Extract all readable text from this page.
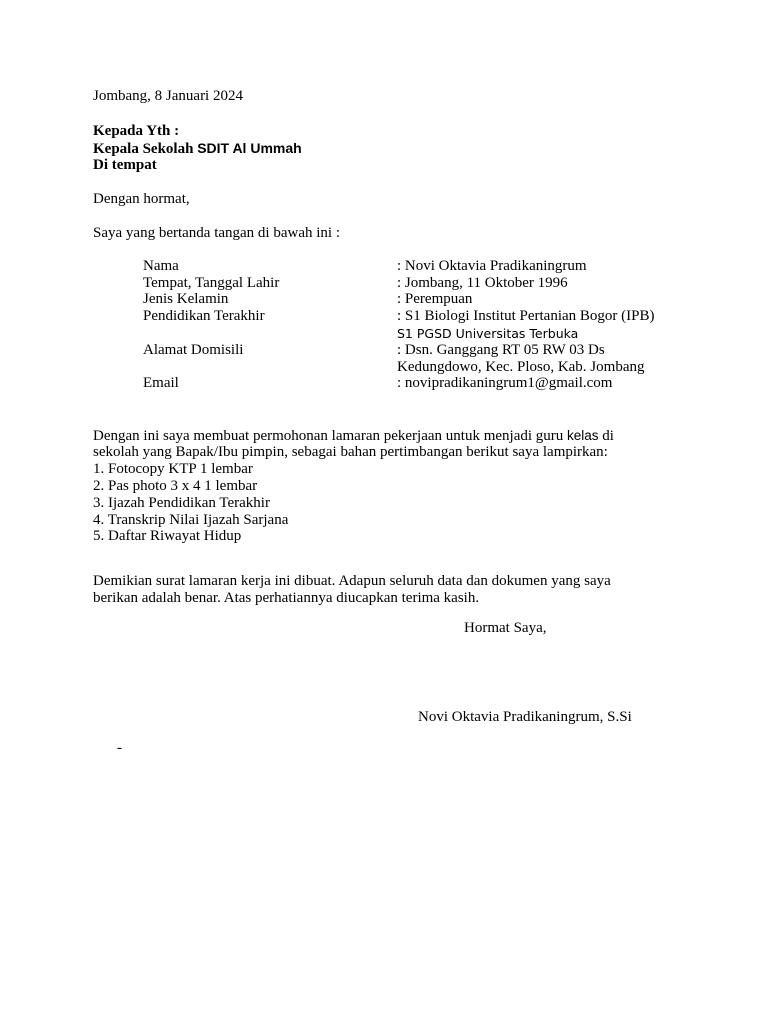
Jombang, 8 Januari 2024
Kepada Yth :
Kepala Sekolah SDIT Al Ummah
Di tempat
Dengan hormat,
Saya yang bertanda tangan di bawah ini :
Nama	: Novi Oktavia Pradikaningrum
Tempat, Tanggal Lahir	: Jombang, 11 Oktober 1996
Jenis Kelamin	: Perempuan
Pendidikan Terakhir	: S1 Biologi Institut Pertanian Bogor (IPB)
S1 PGSD Universitas Terbuka
Alamat Domisili	: Dsn. Ganggang RT 05 RW 03 Ds
Kedungdowo, Kec. Ploso, Kab. Jombang
Email	: novipradikaningrum1@gmail.com
Dengan ini saya membuat permohonan lamaran pekerjaan untuk menjadi guru kelas di
sekolah yang Bapak/Ibu pimpin, sebagai bahan pertimbangan berikut saya lampirkan:
1. Fotocopy KTP 1 lembar
2. Pas photo 3 x 4 1 lembar
3. Ijazah Pendidikan Terakhir
4. Transkrip Nilai Ijazah Sarjana
5. Daftar Riwayat Hidup
Demikian surat lamaran kerja ini dibuat. Adapun seluruh data dan dokumen yang saya
berikan adalah benar. Atas perhatiannya diucapkan terima kasih.
Hormat Saya,
Novi Oktavia Pradikaningrum, S.Si
-
